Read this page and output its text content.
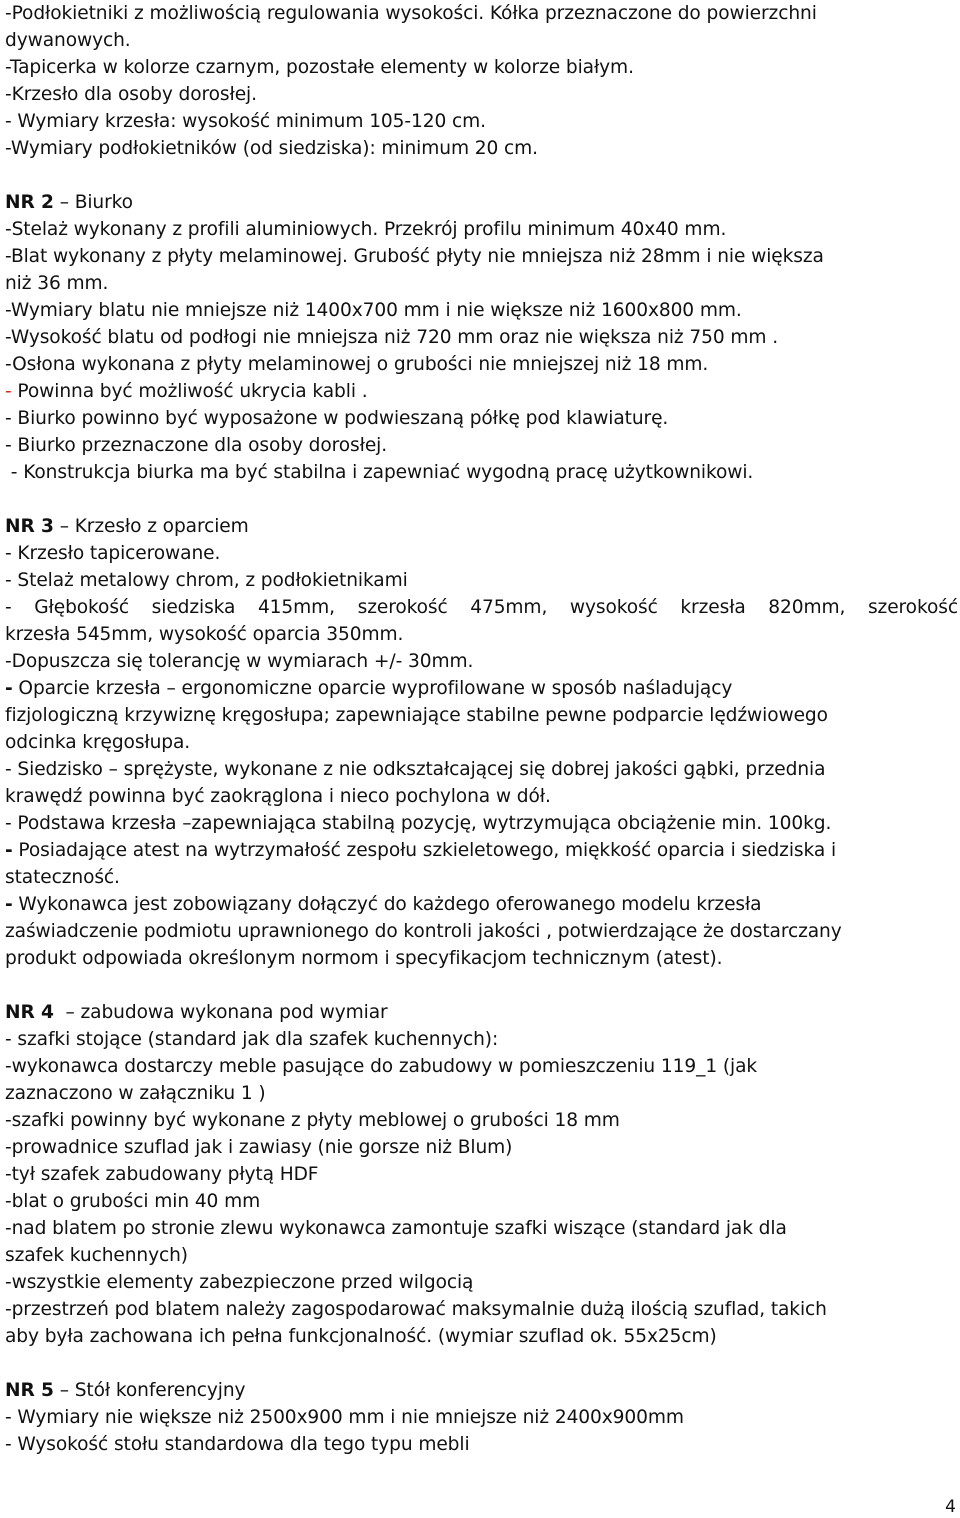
-Podłokietniki z możliwością regulowania wysokości. Kółka przeznaczone do powierzchni
dywanowych.
-Tapicerka w kolorze czarnym, pozostałe elementy w kolorze białym.
-Krzesło dla osoby dorosłej.
- Wymiary krzesła: wysokość minimum 105-120 cm.
-Wymiary podłokietników (od siedziska): minimum 20 cm.
NR 2 – Biurko
-Stelaż wykonany z profili aluminiowych. Przekrój profilu minimum 40x40 mm.
-Blat wykonany z płyty melaminowej. Grubość płyty nie mniejsza niż 28mm i nie większa
niż 36 mm.
-Wymiary blatu nie mniejsze niż 1400x700 mm i nie większe niż 1600x800 mm.
-Wysokość blatu od podłogi nie mniejsza niż 720 mm oraz nie większa niż 750 mm .
-Osłona wykonana z płyty melaminowej o grubości nie mniejszej niż 18 mm.
- Powinna być możliwość ukrycia kabli .
- Biurko powinno być wyposażone w podwieszaną półkę pod klawiaturę.
- Biurko przeznaczone dla osoby dorosłej.
- Konstrukcja biurka ma być stabilna i zapewniać wygodną pracę użytkownikowi.
NR 3 – Krzesło z oparciem
- Krzesło tapicerowane.
- Stelaż metalowy chrom, z podłokietnikami
- Głębokość siedziska 415mm, szerokość 475mm, wysokość krzesła 820mm, szerokość
krzesła 545mm, wysokość oparcia 350mm.
-Dopuszcza się tolerancję w wymiarach +/- 30mm.
- Oparcie krzesła – ergonomiczne oparcie wyprofilowane w sposób naśladujący
fizjologiczną krzywiznę kręgosłupa; zapewniające stabilne pewne podparcie lędźwiowego
odcinka kręgosłupa.
- Siedzisko – sprężyste, wykonane z nie odkształcającej się dobrej jakości gąbki, przednia
krawędź powinna być zaokrąglona i nieco pochylona w dół.
- Podstawa krzesła –zapewniająca stabilną pozycję, wytrzymująca obciążenie min. 100kg.
- Posiadające atest na wytrzymałość zespołu szkieletowego, miękkość oparcia i siedziska i
stateczność.
- Wykonawca jest zobowiązany dołączyć do każdego oferowanego modelu krzesła
zaświadczenie podmiotu uprawnionego do kontroli jakości , potwierdzające że dostarczany
produkt odpowiada określonym normom i specyfikacjom technicznym (atest).
NR 4  – zabudowa wykonana pod wymiar
- szafki stojące (standard jak dla szafek kuchennych):
-wykonawca dostarczy meble pasujące do zabudowy w pomieszczeniu 119_1 (jak
zaznaczono w załączniku 1 )
-szafki powinny być wykonane z płyty meblowej o grubości 18 mm
-prowadnice szuflad jak i zawiasy (nie gorsze niż Blum)
-tył szafek zabudowany płytą HDF
-blat o grubości min 40 mm
-nad blatem po stronie zlewu wykonawca zamontuje szafki wiszące (standard jak dla
szafek kuchennych)
-wszystkie elementy zabezpieczone przed wilgocią
-przestrzeń pod blatem należy zagospodarować maksymalnie dużą ilością szuflad, takich
aby była zachowana ich pełna funkcjonalność. (wymiar szuflad ok. 55x25cm)
NR 5 – Stół konferencyjny
- Wymiary nie większe niż 2500x900 mm i nie mniejsze niż 2400x900mm
- Wysokość stołu standardowa dla tego typu mebli
4
